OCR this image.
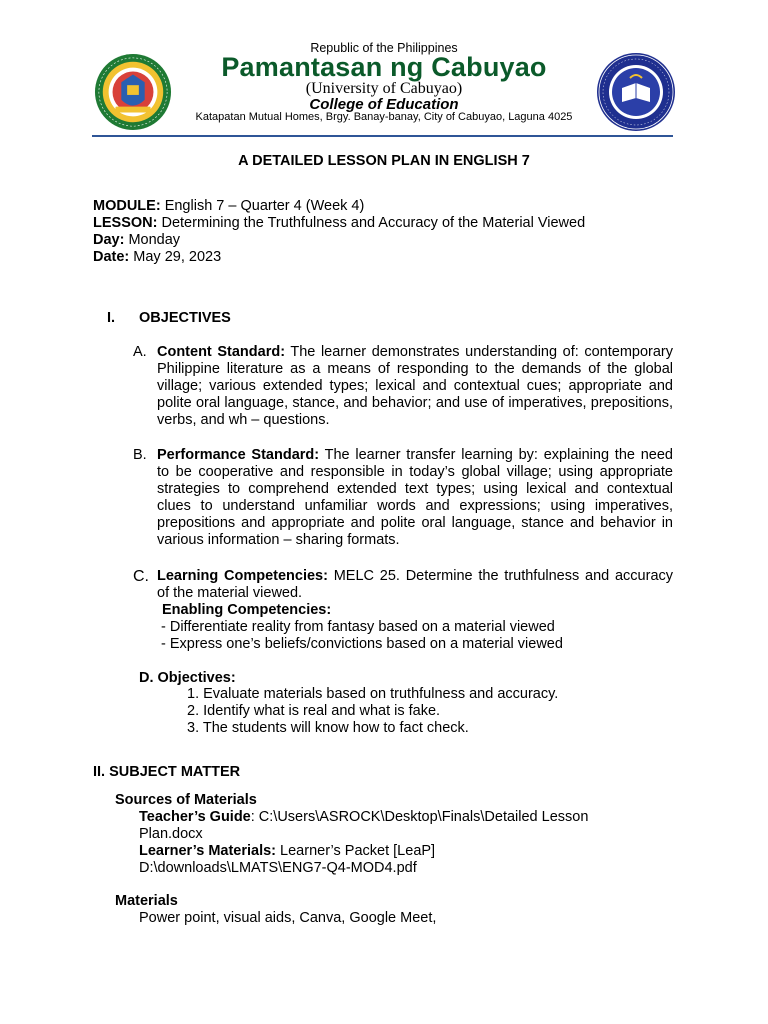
Republic of the Philippines
Pamantasan ng Cabuyao
(University of Cabuyao)
College of Education
Katapatan Mutual Homes, Brgy. Banay-banay, City of Cabuyao, Laguna 4025
A DETAILED LESSON PLAN IN ENGLISH 7
MODULE: English 7 – Quarter 4 (Week 4)
LESSON: Determining the Truthfulness and Accuracy of the Material Viewed
Day: Monday
Date: May 29, 2023
I. OBJECTIVES
A. Content Standard: The learner demonstrates understanding of: contemporary Philippine literature as a means of responding to the demands of the global village; various extended types; lexical and contextual cues; appropriate and polite oral language, stance, and behavior; and use of imperatives, prepositions, verbs, and wh – questions.
B. Performance Standard: The learner transfer learning by: explaining the need to be cooperative and responsible in today’s global village; using appropriate strategies to comprehend extended text types; using lexical and contextual clues to understand unfamiliar words and expressions; using imperatives, prepositions and appropriate and polite oral language, stance and behavior in various information – sharing formats.
C. Learning Competencies: MELC 25. Determine the truthfulness and accuracy of the material viewed.
Enabling Competencies:
- Differentiate reality from fantasy based on a material viewed
- Express one’s beliefs/convictions based on a material viewed
D. Objectives:
1. Evaluate materials based on truthfulness and accuracy.
2. Identify what is real and what is fake.
3. The students will know how to fact check.
II. SUBJECT MATTER
Sources of Materials
Teacher’s Guide: C:\Users\ASROCK\Desktop\Finals\Detailed Lesson
Plan.docx
Learner’s Materials: Learner’s Packet [LeaP]
D:\downloads\LMATS\ENG7-Q4-MOD4.pdf
Materials
Power point, visual aids, Canva, Google Meet,
